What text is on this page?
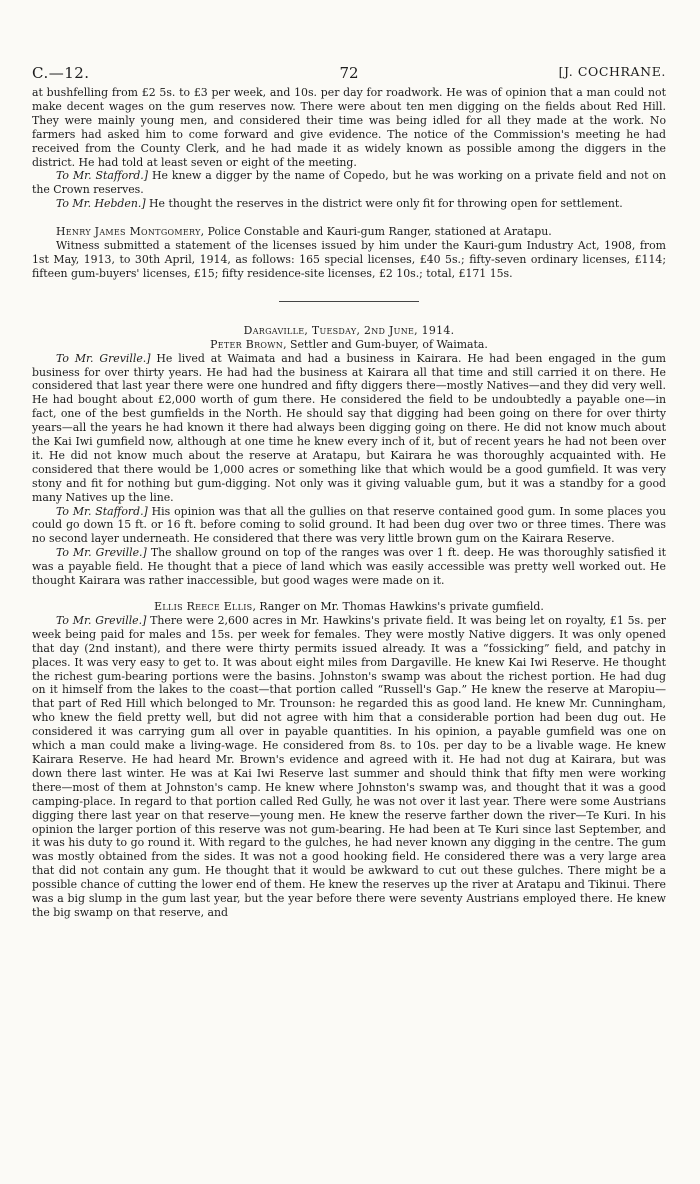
C.—12.	72	[J. COCHRANE.

at bushfelling from £2 5s. to £3 per week, and 10s. per day for roadwork. He was of opinion that a man could not make decent wages on the gum reserves now. There were about ten men digging on the fields about Red Hill. They were mainly young men, and considered their time was being idled for all they made at the work. No farmers had asked him to come forward and give evidence. The notice of the Commission's meeting he had received from the County Clerk, and he had made it as widely known as possible among the diggers in the district. He had told at least seven or eight of the meeting.

To Mr. Stafford.] He knew a digger by the name of Copedo, but he was working on a private field and not on the Crown reserves.

To Mr. Hebden.] He thought the reserves in the district were only fit for throwing open for settlement.

Henry James Montgomery, Police Constable and Kauri-gum Ranger, stationed at Aratapu.

Witness submitted a statement of the licenses issued by him under the Kauri-gum Industry Act, 1908, from 1st May, 1913, to 30th April, 1914, as follows: 165 special licenses, £40 5s.; fifty-seven ordinary licenses, £114; fifteen gum-buyers' licenses, £15; fifty residence-site licenses, £2 10s.; total, £171 15s.

Dargaville, Tuesday, 2nd June, 1914.

Peter Brown, Settler and Gum-buyer, of Waimata.

To Mr. Greville.] He lived at Waimata and had a business in Kairara. He had been engaged in the gum business for over thirty years. He had had the business at Kairara all that time and still carried it on there. He considered that last year there were one hundred and fifty diggers there—mostly Natives—and they did very well. He had bought about £2,000 worth of gum there. He considered the field to be undoubtedly a payable one—in fact, one of the best gumfields in the North. He should say that digging had been going on there for over thirty years—all the years he had known it there had always been digging going on there. He did not know much about the Kai Iwi gumfield now, although at one time he knew every inch of it, but of recent years he had not been over it. He did not know much about the reserve at Aratapu, but Kairara he was thoroughly acquainted with. He considered that there would be 1,000 acres or something like that which would be a good gumfield. It was very stony and fit for nothing but gum-digging. Not only was it giving valuable gum, but it was a standby for a good many Natives up the line.

To Mr. Stafford.] His opinion was that all the gullies on that reserve contained good gum. In some places you could go down 15 ft. or 16 ft. before coming to solid ground. It had been dug over two or three times. There was no second layer underneath. He considered that there was very little brown gum on the Kairara Reserve.

To Mr. Greville.] The shallow ground on top of the ranges was over 1 ft. deep. He was thoroughly satisfied it was a payable field. He thought that a piece of land which was easily accessible was pretty well worked out. He thought Kairara was rather inaccessible, but good wages were made on it.

Ellis Reece Ellis, Ranger on Mr. Thomas Hawkins's private gumfield.

To Mr. Greville.] There were 2,600 acres in Mr. Hawkins's private field. It was being let on royalty, £1 5s. per week being paid for males and 15s. per week for females. They were mostly Native diggers. It was only opened that day (2nd instant), and there were thirty permits issued already. It was a “fossicking” field, and patchy in places. It was very easy to get to. It was about eight miles from Dargaville. He knew Kai Iwi Reserve. He thought the richest gum-bearing portions were the basins. Johnston's swamp was about the richest portion. He had dug on it himself from the lakes to the coast—that portion called “Russell's Gap.” He knew the reserve at Maropiu—that part of Red Hill which belonged to Mr. Trounson: he regarded this as good land. He knew Mr. Cunningham, who knew the field pretty well, but did not agree with him that a considerable portion had been dug out. He considered it was carrying gum all over in payable quantities. In his opinion, a payable gumfield was one on which a man could make a living-wage. He considered from 8s. to 10s. per day to be a livable wage. He knew Kairara Reserve. He had heard Mr. Brown's evidence and agreed with it. He had not dug at Kairara, but was down there last winter. He was at Kai Iwi Reserve last summer and should think that fifty men were working there—most of them at Johnston's camp. He knew where Johnston's swamp was, and thought that it was a good camping-place. In regard to that portion called Red Gully, he was not over it last year. There were some Austrians digging there last year on that reserve—young men. He knew the reserve farther down the river—Te Kuri. In his opinion the larger portion of this reserve was not gum-bearing. He had been at Te Kuri since last September, and it was his duty to go round it. With regard to the gulches, he had never known any digging in the centre. The gum was mostly obtained from the sides. It was not a good hooking field. He considered there was a very large area that did not contain any gum. He thought that it would be awkward to cut out these gulches. There might be a possible chance of cutting the lower end of them. He knew the reserves up the river at Aratapu and Tikinui. There was a big slump in the gum last year, but the year before there were seventy Austrians employed there. He knew the big swamp on that reserve, and
